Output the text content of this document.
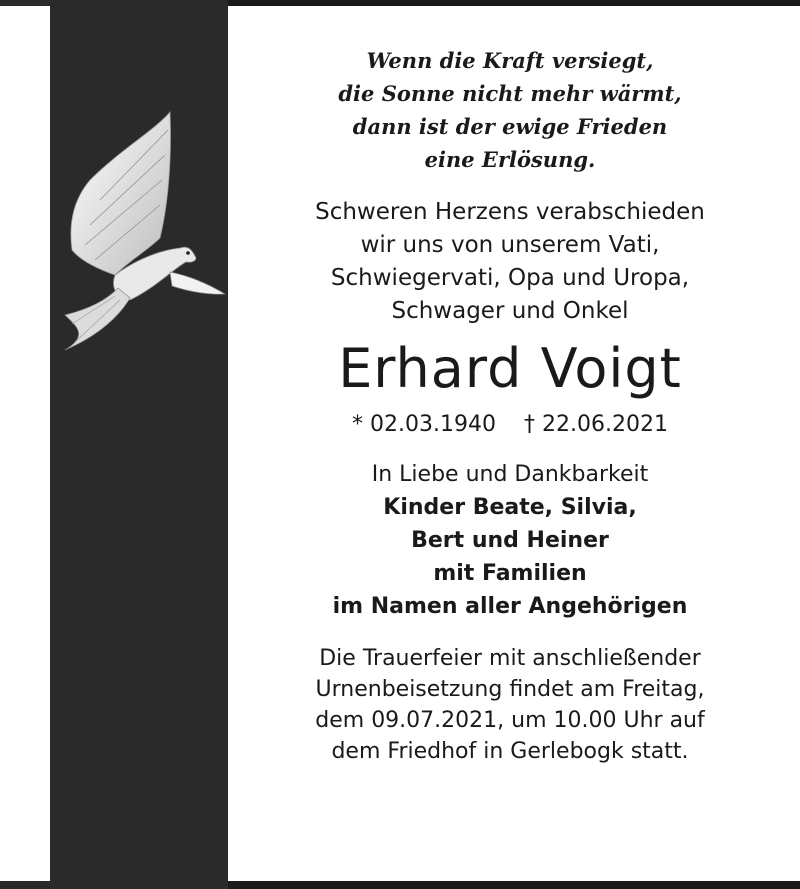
Wenn die Kraft versiegt,
die Sonne nicht mehr wärmt,
dann ist der ewige Frieden
eine Erlösung.

Schweren Herzens verabschieden
wir uns von unserem Vati,
Schwiegervati, Opa und Uropa,
Schwager und Onkel

Erhard Voigt

* 02.03.1940 † 22.06.2021

In Liebe und Dankbarkeit
Kinder Beate, Silvia,
Bert und Heiner
mit Familien
im Namen aller Angehörigen

Die Trauerfeier mit anschließender
Urnenbeisetzung findet am Freitag,
dem 09.07.2021, um 10.00 Uhr auf
dem Friedhof in Gerlebogk statt.
